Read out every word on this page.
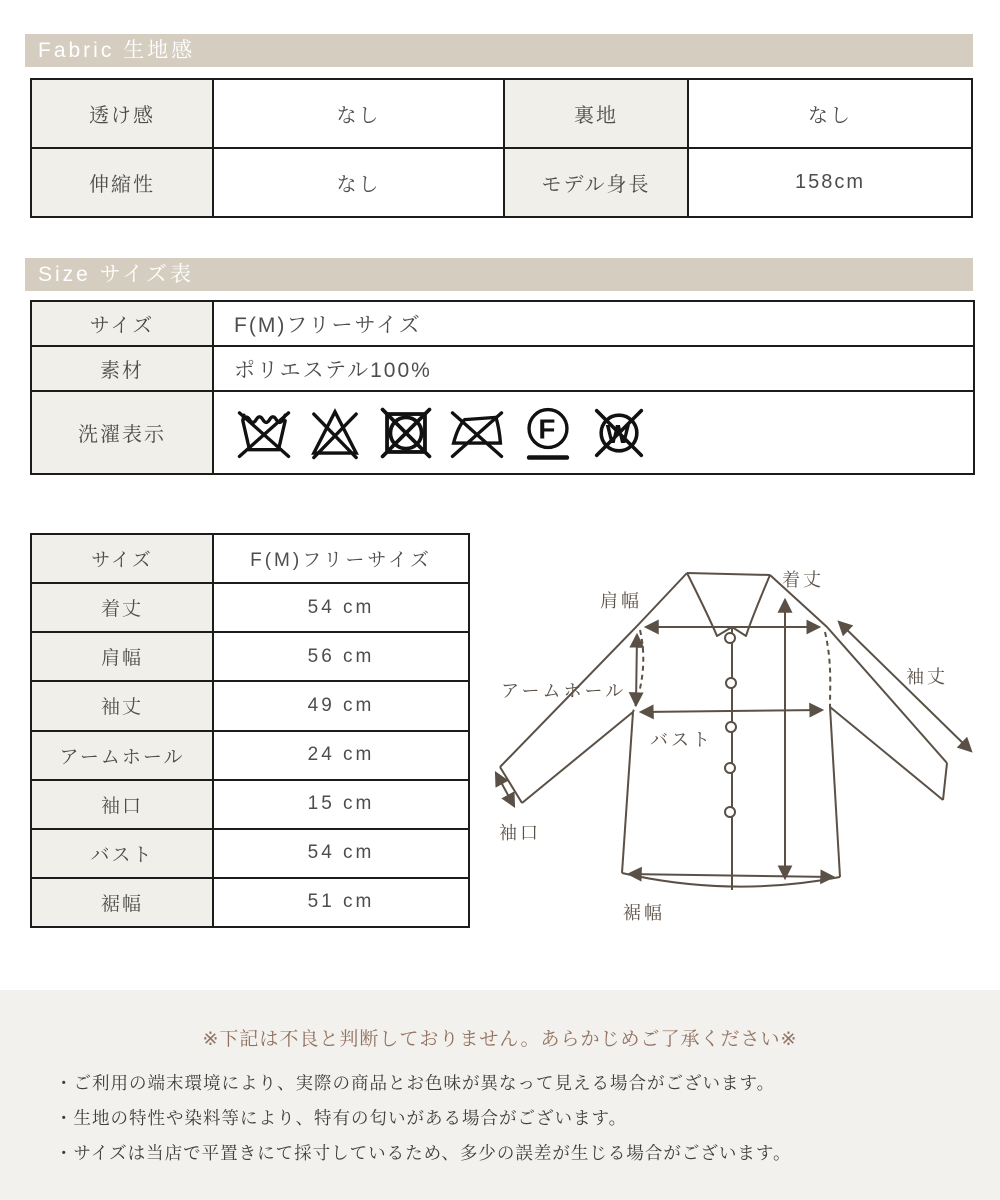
Fabric 生地感
透け感	なし	裏地	なし
伸縮性	なし	モデル身長	158cm
Size サイズ表
サイズ	F(M)フリーサイズ
素材	ポリエステル100%
洗濯表示	F W
サイズ	F(M)フリーサイズ
着丈	54 cm
肩幅	56 cm
袖丈	49 cm
アームホール	24 cm
袖口	15 cm
バスト	54 cm
裾幅	51 cm
着丈
肩幅
袖丈
アームホール
バスト
袖口
裾幅
※下記は不良と判断しておりません。あらかじめご了承ください※
・ご利用の端末環境により、実際の商品とお色味が異なって見える場合がございます。
・生地の特性や染料等により、特有の匂いがある場合がございます。
・サイズは当店で平置きにて採寸しているため、多少の誤差が生じる場合がございます。
